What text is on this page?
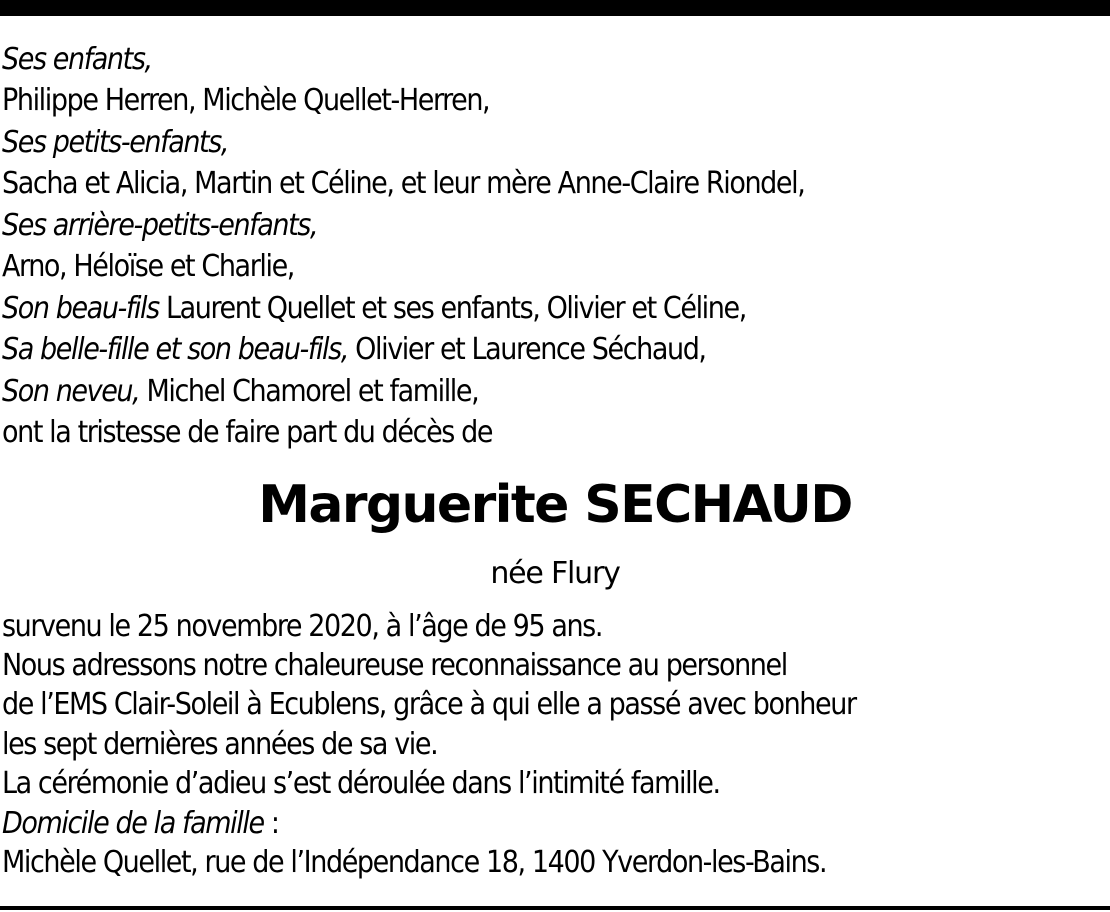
Ses enfants,
Philippe Herren, Michèle Quellet-Herren,
Ses petits-enfants,
Sacha et Alicia, Martin et Céline, et leur mère Anne-Claire Riondel,
Ses arrière-petits-enfants,
Arno, Héloïse et Charlie,
Son beau-fils Laurent Quellet et ses enfants, Olivier et Céline,
Sa belle-fille et son beau-fils, Olivier et Laurence Séchaud,
Son neveu, Michel Chamorel et famille,
ont la tristesse de faire part du décès de
Marguerite SECHAUD
née Flury
survenu le 25 novembre 2020, à l’âge de 95 ans.
Nous adressons notre chaleureuse reconnaissance au personnel
de l’EMS Clair-Soleil à Ecublens, grâce à qui elle a passé avec bonheur
les sept dernières années de sa vie.
La cérémonie d’adieu s’est déroulée dans l’intimité famille.
Domicile de la famille :
Michèle Quellet, rue de l’Indépendance 18, 1400 Yverdon-les-Bains.
